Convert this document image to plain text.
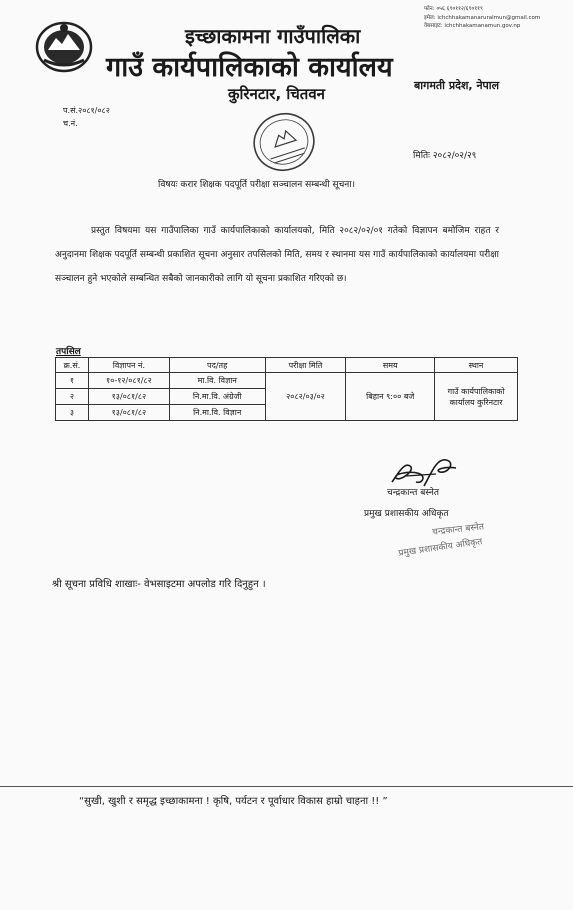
इच्छाकामना गाउँपालिका
गाउँ कार्यपालिकाको कार्यालय
कुरिनटार, चितवन
फोन: ०५६ ६९०११२/६९०११९
इमेल: ichchhakamanaruralmun@gmail.com
वेबसाइट: ichchhakamanamun.gov.np
बागमती प्रदेश, नेपाल
प.सं.२०८१/०८२
च.नं.
मितिः २०८२/०२/२९
विषयः करार शिक्षक पदपूर्ति परीक्षा सञ्चालन सम्बन्धी सूचना।
प्रस्तुत विषयमा यस गाउँपालिका गाउँ कार्यपालिकाको कार्यालयको, मिति २०८२/०२/०१ गतेको विज्ञापन बमोजिम राहत र अनुदानमा शिक्षक पदपूर्ति सम्बन्धी प्रकाशित सूचना अनुसार तपसिलको मिति, समय र स्थानमा यस गाउँ कार्यपालिकाको कार्यालयमा परीक्षा सञ्चालन हुने भएकोले सम्बन्धित सबैको जानकारीको लागि यो सूचना प्रकाशित गरिएको छ।
तपसिल
क्र.सं.	विज्ञापन नं.	पद/तह	परीक्षा मिति	समय	स्थान
१	१०-१२/०८१/८२	मा.वि. विज्ञान	२०८२/०३/०२	बिहान ९:०० बजे	गाउँ कार्यपालिकाको
कार्यालय कुरिनटार

२	१३/०८१/८२	नि.मा.वि. अंग्रेजी			
३	१३/०८१/८२	नि.मा.वि. विज्ञान			
चन्द्रकान्त बस्नेत
प्रमुख प्रशासकीय अधिकृत
चन्द्रकान्त बस्नेत
प्रमुख प्रशासकीय अधिकृत
श्री सूचना प्रविधि शाखाः- वेभसाइटमा अपलोड गरि दिनुहुन ।
“सुखी, खुशी र समृद्ध इच्छाकामना ! कृषि, पर्यटन र पूर्वाधार विकास हाम्रो चाहना !! ”
